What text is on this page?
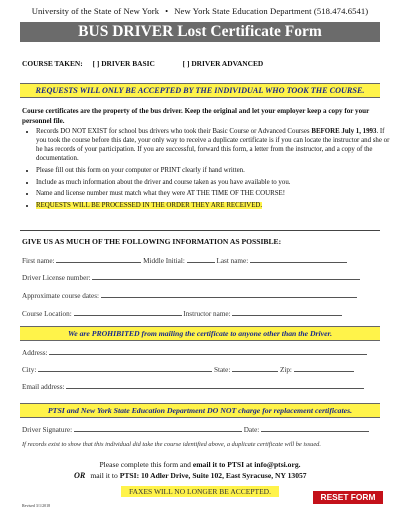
University of the State of New York • New York State Education Department (518.474.6541)
BUS DRIVER Lost Certificate Form
COURSE TAKEN: [ ] DRIVER BASIC	[ ] DRIVER ADVANCED
REQUESTS WILL ONLY BE ACCEPTED BY THE INDIVIDUAL WHO TOOK THE COURSE.
Course certificates are the property of the bus driver. Keep the original and let your employer keep a copy for your personnel file.
• Records DO NOT EXIST for school bus drivers who took their Basic Course or Advanced Courses BEFORE July 1, 1993. If you took the course before this date, your only way to receive a duplicate certificate is if you can locate the instructor and she or he has records of your participation. If you are successful, forward this form, a letter from the instructor, and a copy of the documentation.
• Please fill out this form on your computer or PRINT clearly if hand written.
• Include as much information about the driver and course taken as you have available to you.
• Name and license number must match what they were AT THE TIME OF THE COURSE!
• REQUESTS WILL BE PROCESSED IN THE ORDER THEY ARE RECEIVED.
GIVE US AS MUCH OF THE FOLLOWING INFORMATION AS POSSIBLE:
First name:	Middle Initial:	Last name:
Driver License number:
Approximate course dates:
Course Location:	Instructor name:
We are PROHIBITED from mailing the certificate to anyone other than the Driver.
Address:
City:	State:	Zip:
Email address:
PTSI and New York State Education Department DO NOT charge for replacement certificates.
Driver Signature:	Date:
If records exist to show that this individual did take the course identified above, a duplicate certificate will be issued.
Please complete this form and email it to PTSI at info@ptsi.org.
OR mail it to PTSI: 10 Adler Drive, Suite 102, East Syracuse, NY 13057
FAXES WILL NO LONGER BE ACCEPTED.
Revised 3/1/2018
RESET FORM
